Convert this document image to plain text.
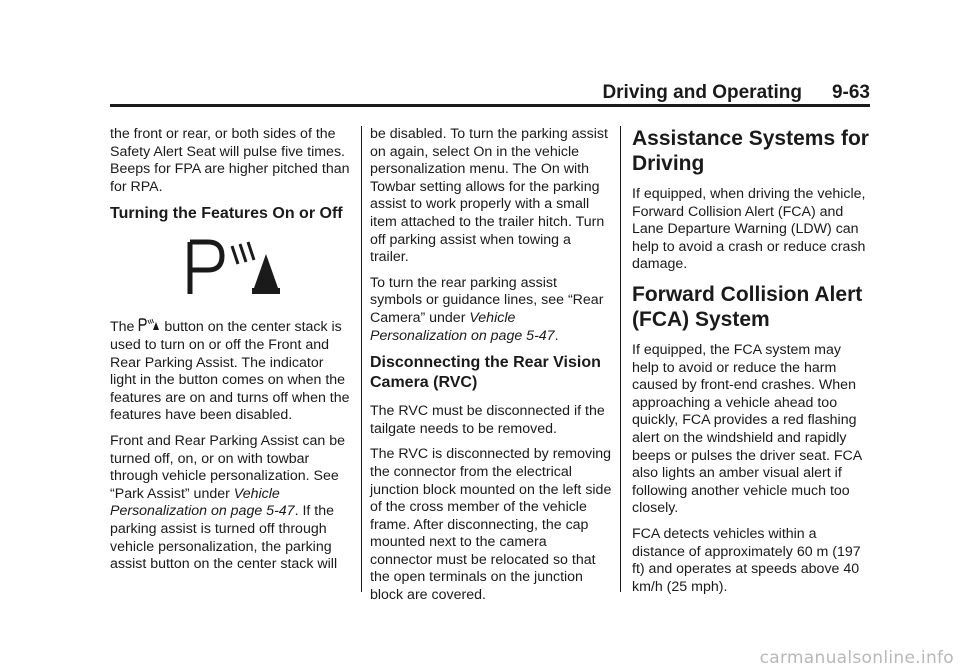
Driving and Operating 9-63

the front or rear, or both sides of the Safety Alert Seat will pulse five times. Beeps for FPA are higher pitched than for RPA.

Turning the Features On or Off

The  button on the center stack is used to turn on or off the Front and Rear Parking Assist. The indicator light in the button comes on when the features are on and turns off when the features have been disabled.

Front and Rear Parking Assist can be turned off, on, or on with towbar through vehicle personalization. See “Park Assist” under Vehicle Personalization on page 5-47. If the parking assist is turned off through vehicle personalization, the parking assist button on the center stack will

be disabled. To turn the parking assist on again, select On in the vehicle personalization menu. The On with Towbar setting allows for the parking assist to work properly with a small item attached to the trailer hitch. Turn off parking assist when towing a trailer.

To turn the rear parking assist symbols or guidance lines, see “Rear Camera” under Vehicle Personalization on page 5-47.

Disconnecting the Rear Vision Camera (RVC)

The RVC must be disconnected if the tailgate needs to be removed.

The RVC is disconnected by removing the connector from the electrical junction block mounted on the left side of the cross member of the vehicle frame. After disconnecting, the cap mounted next to the camera connector must be relocated so that the open terminals on the junction block are covered.

Assistance Systems for Driving

If equipped, when driving the vehicle, Forward Collision Alert (FCA) and Lane Departure Warning (LDW) can help to avoid a crash or reduce crash damage.

Forward Collision Alert (FCA) System

If equipped, the FCA system may help to avoid or reduce the harm caused by front-end crashes. When approaching a vehicle ahead too quickly, FCA provides a red flashing alert on the windshield and rapidly beeps or pulses the driver seat. FCA also lights an amber visual alert if following another vehicle much too closely.

FCA detects vehicles within a distance of approximately 60 m (197 ft) and operates at speeds above 40 km/h (25 mph).

carmanualsonline.info
